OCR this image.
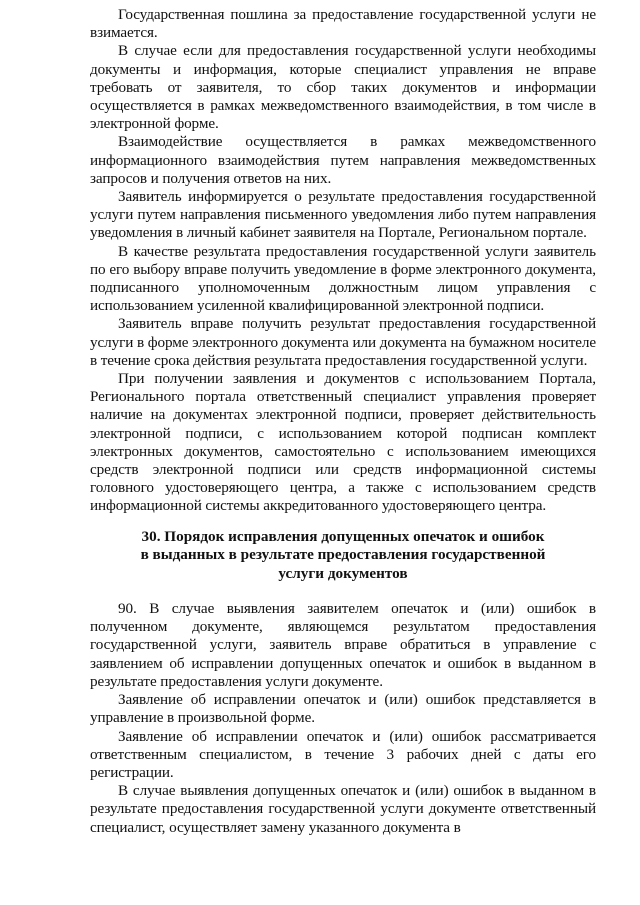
Государственная пошлина за предоставление государственной услуги не взимается.

В случае если для предоставления государственной услуги необходимы документы и информация, которые специалист управления не вправе требовать от заявителя, то сбор таких документов и информации осуществляется в рамках межведомственного взаимодействия, в том числе в электронной форме.

Взаимодействие осуществляется в рамках межведомственного информационного взаимодействия путем направления межведомственных запросов и получения ответов на них.

Заявитель информируется о результате предоставления государственной услуги путем направления письменного уведомления либо путем направления уведомления в личный кабинет заявителя на Портале, Региональном портале.

В качестве результата предоставления государственной услуги заявитель по его выбору вправе получить уведомление в форме электронного документа, подписанного уполномоченным должностным лицом управления с использованием усиленной квалифицированной электронной подписи.

Заявитель вправе получить результат предоставления государственной услуги в форме электронного документа или документа на бумажном носителе в течение срока действия результата предоставления государственной услуги.

При получении заявления и документов с использованием Портала, Регионального портала ответственный специалист управления проверяет наличие на документах электронной подписи, проверяет действительность электронной подписи, с использованием которой подписан комплект электронных документов, самостоятельно с использованием имеющихся средств электронной подписи или средств информационной системы головного удостоверяющего центра, а также с использованием средств информационной системы аккредитованного удостоверяющего центра.

30. Порядок исправления допущенных опечаток и ошибок
в выданных в результате предоставления государственной
услуги документов

90. В случае выявления заявителем опечаток и (или) ошибок в полученном документе, являющемся результатом предоставления государственной услуги, заявитель вправе обратиться в управление с заявлением об исправлении допущенных опечаток и ошибок в выданном в результате предоставления услуги документе.

Заявление об исправлении опечаток и (или) ошибок представляется в управление в произвольной форме.

Заявление об исправлении опечаток и (или) ошибок рассматривается ответственным специалистом, в течение 3 рабочих дней с даты его регистрации.

В случае выявления допущенных опечаток и (или) ошибок в выданном в результате предоставления государственной услуги документе ответственный специалист, осуществляет замену указанного документа в
